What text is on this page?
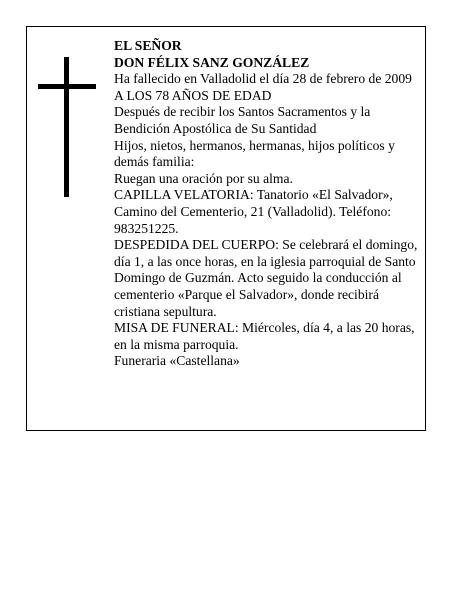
EL SEÑOR

DON FÉLIX SANZ GONZÁLEZ

Ha fallecido en Valladolid el día 28 de febrero de 2009

A LOS 78 AÑOS DE EDAD

Después de recibir los Santos Sacramentos y la Bendición Apostólica de Su Santidad

Hijos, nietos, hermanos, hermanas, hijos políticos y demás familia:

Ruegan una oración por su alma.

CAPILLA VELATORIA: Tanatorio «El Salvador», Camino del Cementerio, 21 (Valladolid). Teléfono: 983251225.

DESPEDIDA DEL CUERPO: Se celebrará el domingo, día 1, a las once horas, en la iglesia parroquial de Santo Domingo de Guzmán. Acto seguido la conducción al cementerio «Parque el Salvador», donde recibirá cristiana sepultura.

MISA DE FUNERAL: Miércoles, día 4, a las 20 horas, en la misma parroquia.

Funeraria «Castellana»
